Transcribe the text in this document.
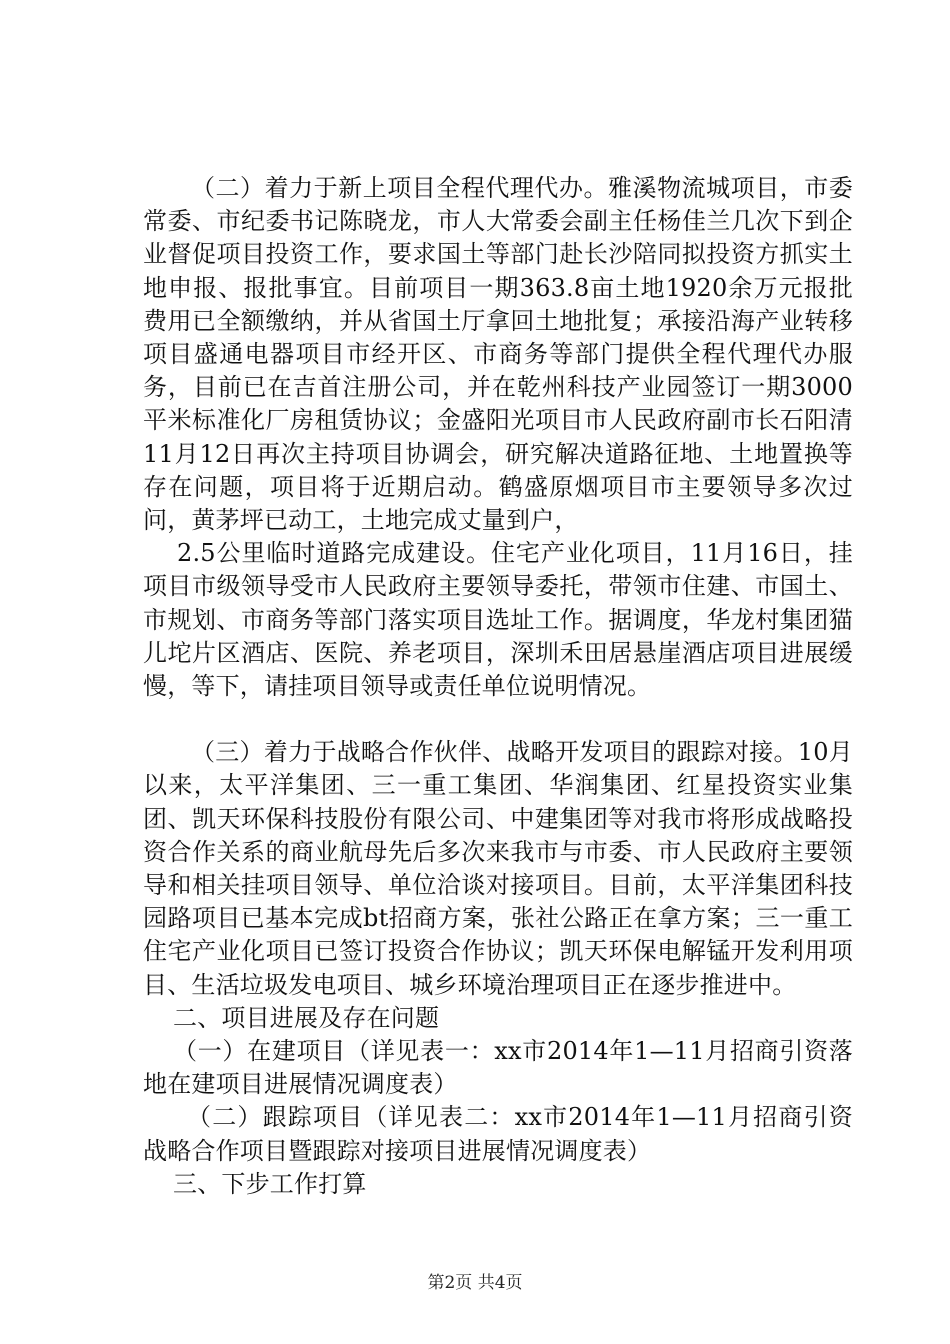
（二）着力于新上项目全程代理代办。雅溪物流城项目，市委常委、市纪委书记陈晓龙，市人大常委会副主任杨佳兰几次下到企业督促项目投资工作，要求国土等部门赴长沙陪同拟投资方抓实土地申报、报批事宜。目前项目一期363.8亩土地1920余万元报批费用已全额缴纳，并从省国土厅拿回土地批复；承接沿海产业转移项目盛通电器项目市经开区、市商务等部门提供全程代理代办服务，目前已在吉首注册公司，并在乾州科技产业园签订一期3000平米标准化厂房租赁协议；金盛阳光项目市人民政府副市长石阳清11月12日再次主持项目协调会，研究解决道路征地、土地置换等存在问题，项目将于近期启动。鹤盛原烟项目市主要领导多次过问，黄茅坪已动工，土地完成丈量到户，

2.5公里临时道路完成建设。住宅产业化项目，11月16日，挂项目市级领导受市人民政府主要领导委托，带领市住建、市国土、市规划、市商务等部门落实项目选址工作。据调度，华龙村集团猫儿坨片区酒店、医院、养老项目，深圳禾田居悬崖酒店项目进展缓慢，等下，请挂项目领导或责任单位说明情况。

（三）着力于战略合作伙伴、战略开发项目的跟踪对接。10月以来，太平洋集团、三一重工集团、华润集团、红星投资实业集团、凯天环保科技股份有限公司、中建集团等对我市将形成战略投资合作关系的商业航母先后多次来我市与市委、市人民政府主要领导和相关挂项目领导、单位洽谈对接项目。目前，太平洋集团科技园路项目已基本完成bt招商方案，张社公路正在拿方案；三一重工住宅产业化项目已签订投资合作协议；凯天环保电解锰开发利用项目、生活垃圾发电项目、城乡环境治理项目正在逐步推进中。

二、项目进展及存在问题

（一）在建项目（详见表一：xx市2014年1—11月招商引资落地在建项目进展情况调度表）

（二）跟踪项目（详见表二：xx市2014年1—11月招商引资战略合作项目暨跟踪对接项目进展情况调度表）

三、下步工作打算

第2页 共4页
